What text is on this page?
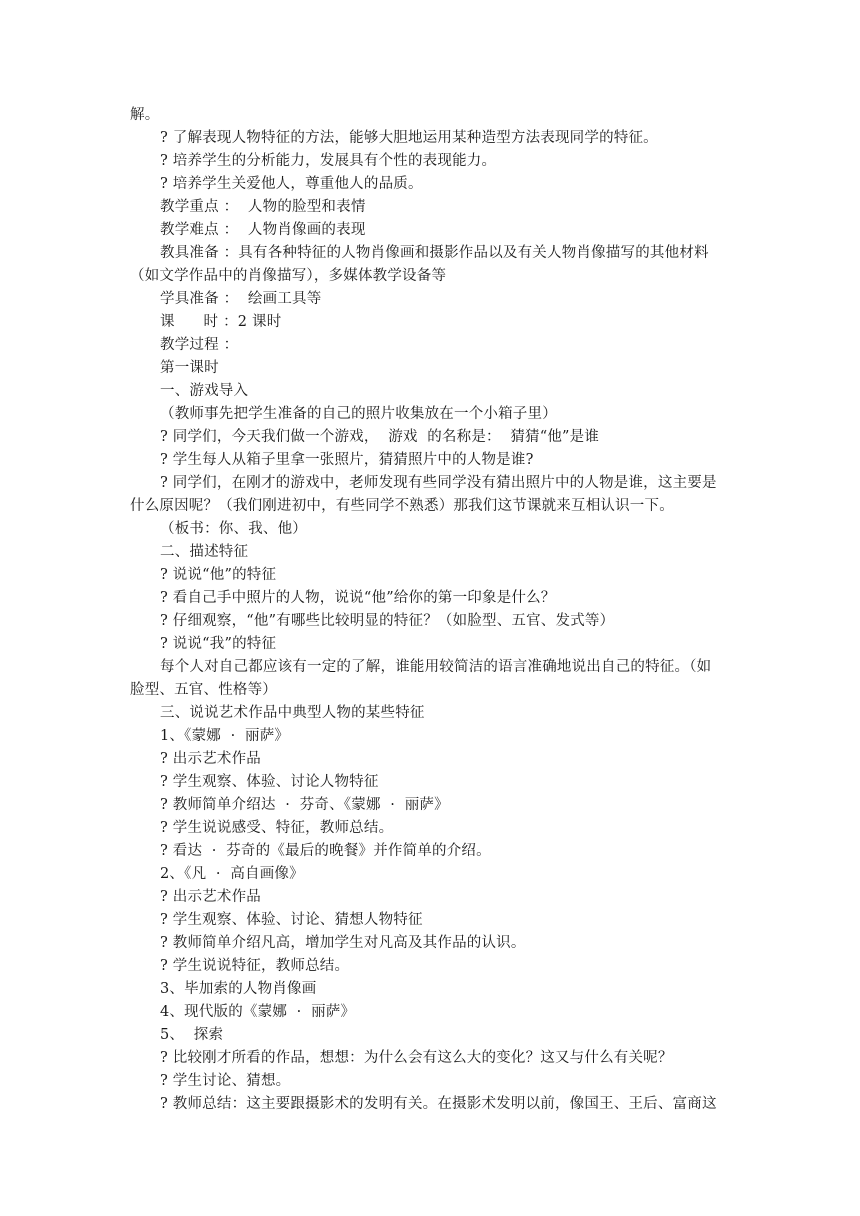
解。
? 了解表现人物特征的方法，能够大胆地运用某种造型方法表现同学的特征。
? 培养学生的分析能力，发展具有个性的表现能力。
? 培养学生关爱他人，尊重他人的品质。
教学重点 ：  人物的脸型和表情
教学难点 ：  人物肖像画的表现
教具准备 ：具有各种特征的人物肖像画和摄影作品以及有关人物肖像描写的其他材料
（如文学作品中的肖像描写），多媒体教学设备等
学具准备 ：  绘画工具等
课      时 ：2 课时
教学过程 ：
第一课时
一、游戏导入
（教师事先把学生准备的自己的照片收集放在一个小箱子里）
? 同学们，今天我们做一个游戏，  游戏  的名称是：  猜猜“他”是谁
? 学生每人从箱子里拿一张照片，猜猜照片中的人物是谁?
? 同学们，在刚才的游戏中，老师发现有些同学没有猜出照片中的人物是谁，这主要是
什么原因呢？（我们刚进初中，有些同学不熟悉）那我们这节课就来互相认识一下。
（板书：你、我、他）
二、描述特征
? 说说“他”的特征
? 看自己手中照片的人物，说说“他”给你的第一印象是什么？
? 仔细观察，“他”有哪些比较明显的特征？（如脸型、五官、发式等）
? 说说“我”的特征
每个人对自己都应该有一定的了解，谁能用较简洁的语言准确地说出自己的特征。（如
脸型、五官、性格等）
三、说说艺术作品中典型人物的某些特征
1、《蒙娜  ·  丽萨》
? 出示艺术作品
? 学生观察、体验、讨论人物特征
? 教师简单介绍达  ·  芬奇、《蒙娜  ·  丽萨》
? 学生说说感受、特征，教师总结。
? 看达  ·  芬奇的《最后的晚餐》并作简单的介绍。
2、《凡  ·  高自画像》
? 出示艺术作品
? 学生观察、体验、讨论、猜想人物特征
? 教师简单介绍凡高，增加学生对凡高及其作品的认识。
? 学生说说特征，教师总结。
3、毕加索的人物肖像画
4、现代版的《蒙娜  ·  丽萨》
5、  探索
? 比较刚才所看的作品，想想：为什么会有这么大的变化？这又与什么有关呢？
? 学生讨论、猜想。
? 教师总结：这主要跟摄影术的发明有关。在摄影术发明以前，像国王、王后、富商这
